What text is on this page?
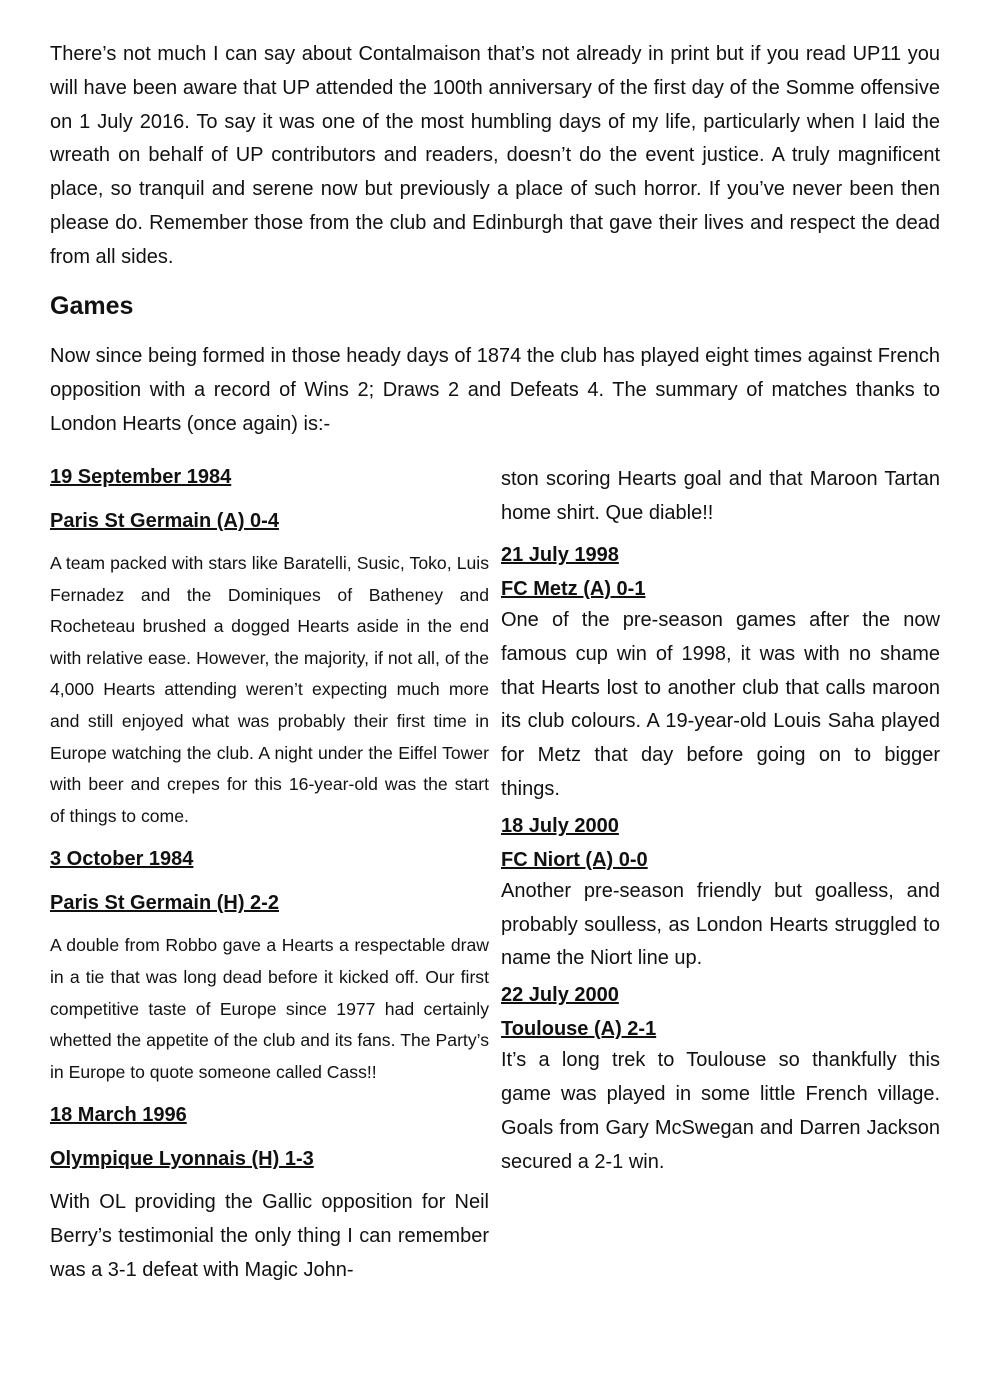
There’s not much I can say about Contalmaison that’s not already in print but if you read UP11 you will have been aware that UP attended the 100th anniversary of the first day of the Somme offensive on 1 July 2016. To say it was one of the most humbling days of my life, particularly when I laid the wreath on behalf of UP contributors and readers, doesn’t do the event justice. A truly magnificent place, so tranquil and serene now but previously a place of such horror. If you’ve never been then please do. Remember those from the club and Edinburgh that gave their lives and respect the dead from all sides.

Games

Now since being formed in those heady days of 1874 the club has played eight times against French opposition with a record of Wins 2; Draws 2 and Defeats 4. The summary of matches thanks to London Hearts (once again) is:-

19 September 1984

Paris St Germain (A) 0-4

A team packed with stars like Baratelli, Susic, Toko, Luis Fernadez and the Dominiques of Batheney and Rocheteau brushed a dogged Hearts aside in the end with relative ease. However, the majority, if not all, of the 4,000 Hearts attending weren’t expecting much more and still enjoyed what was probably their first time in Europe watching the club. A night under the Eiffel Tower with beer and crepes for this 16-year-old was the start of things to come.

3 October 1984

Paris St Germain (H) 2-2

A double from Robbo gave a Hearts a respectable draw in a tie that was long dead before it kicked off. Our first competitive taste of Europe since 1977 had certainly whetted the appetite of the club and its fans. The Party’s in Europe to quote someone called Cass!!

18 March 1996

Olympique Lyonnais (H) 1-3

With OL providing the Gallic opposition for Neil Berry’s testimonial the only thing I can remember was a 3-1 defeat with Magic John-

ston scoring Hearts goal and that Maroon Tartan home shirt. Que diable!!

21 July 1998

FC Metz (A) 0-1

One of the pre-season games after the now famous cup win of 1998, it was with no shame that Hearts lost to another club that calls maroon its club colours. A 19-year-old Louis Saha played for Metz that day before going on to bigger things.

18 July 2000

FC Niort (A) 0-0

Another pre-season friendly but goalless, and probably soulless, as London Hearts struggled to name the Niort line up.

22 July 2000

Toulouse (A) 2-1

It’s a long trek to Toulouse so thankfully this game was played in some little French village. Goals from Gary McSwegan and Darren Jackson secured a 2-1 win.
